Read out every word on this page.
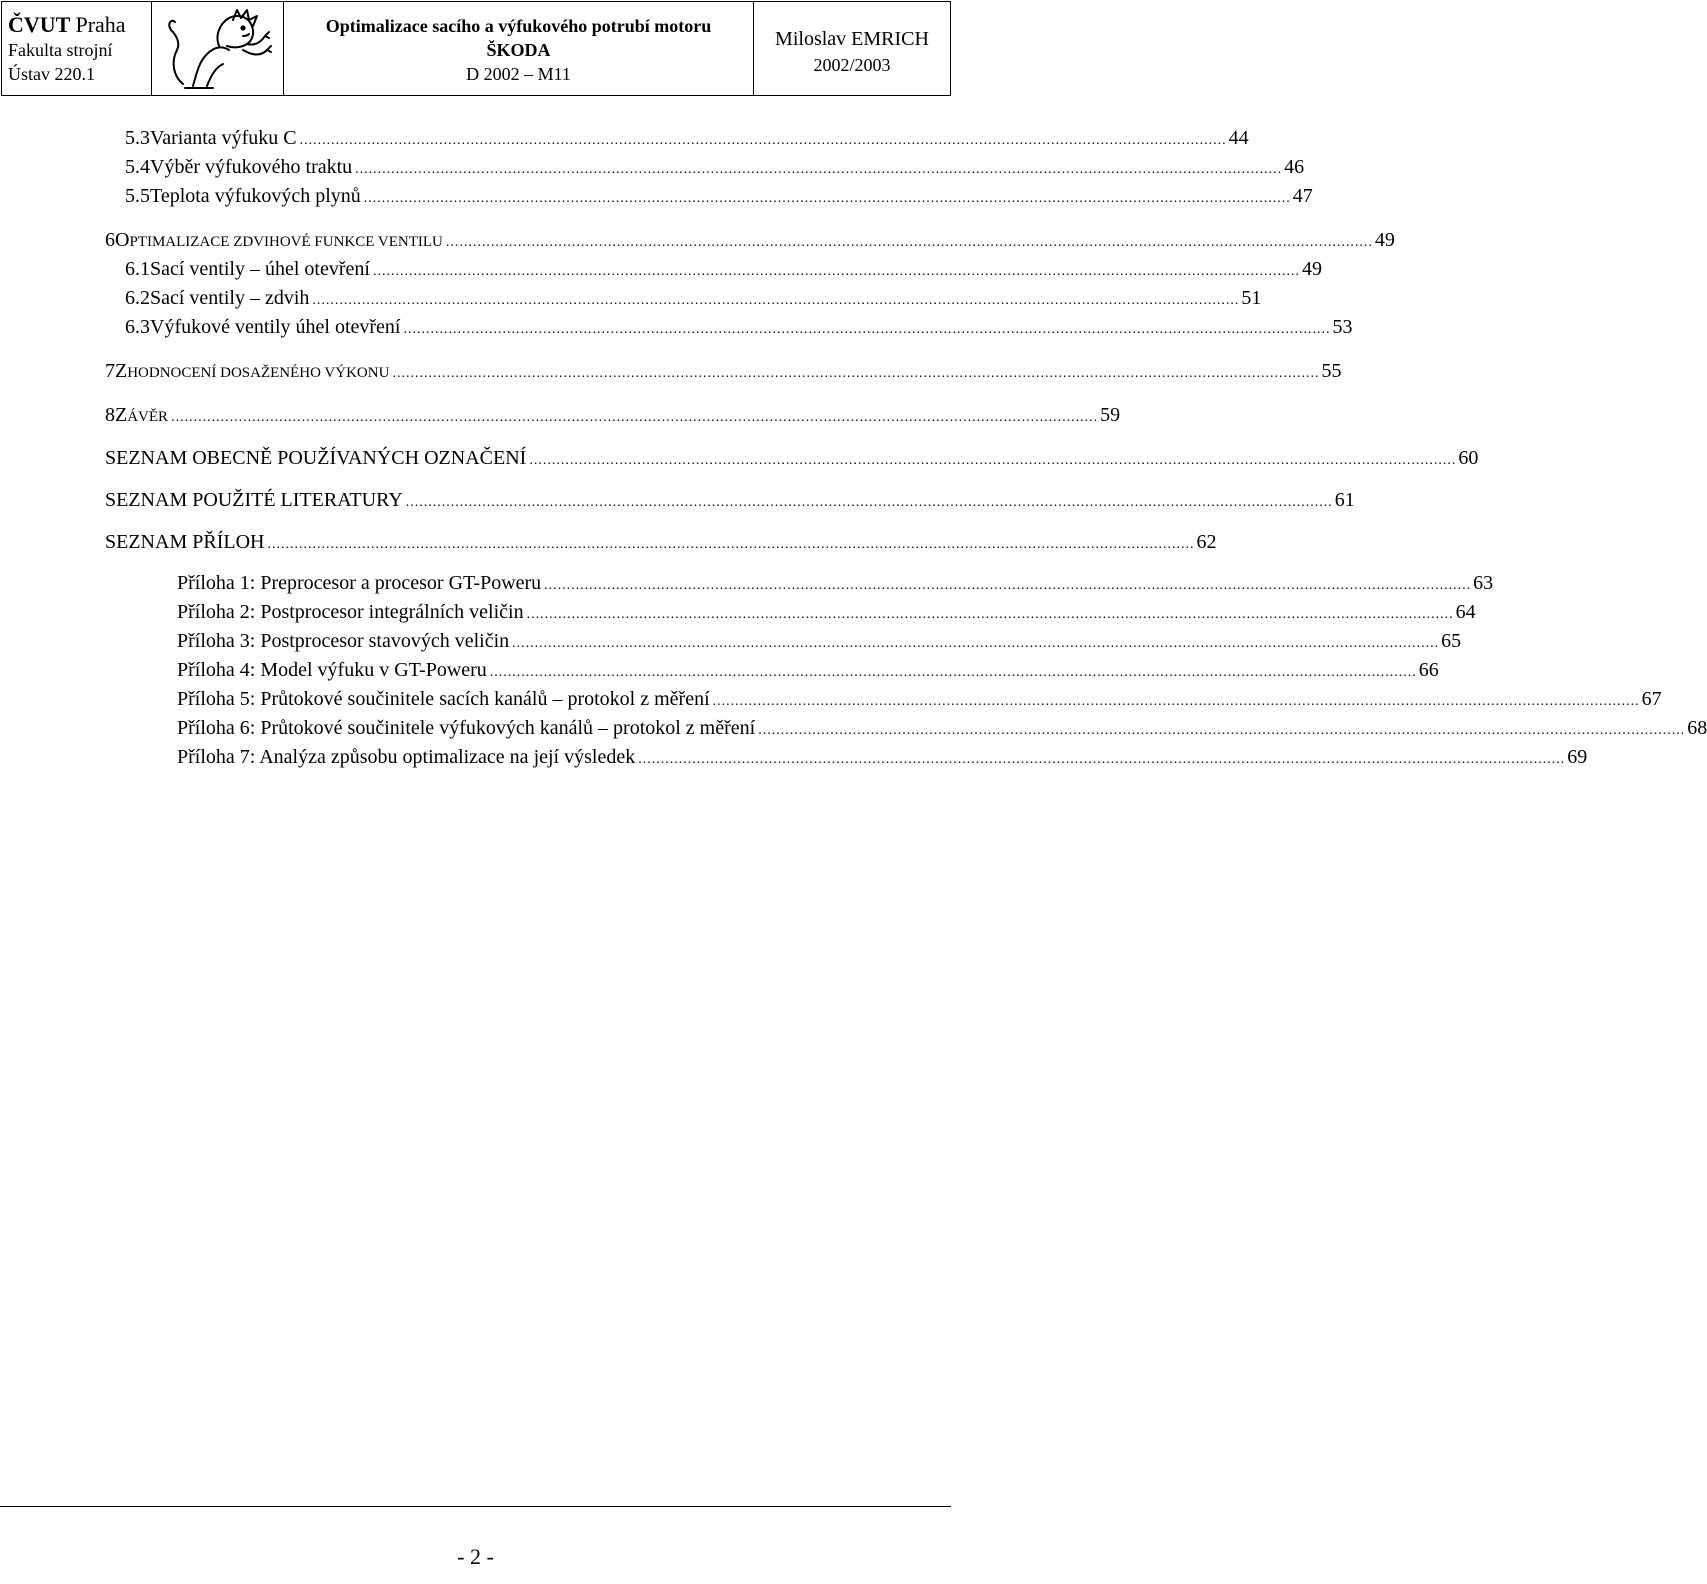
ČVUT Praha
Fakulta strojní
Ústav 220.1
Optimalizace sacího a výfukového potrubí motoru
ŠKODA
D 2002 – M11
Miloslav EMRICH
2002/2003
5.3 Varianta výfuku C .............................................................................................................................................................................................................. 44
5.4 Výběr výfukového traktu .............................................................................................................................................................................................................. 46
5.5 Teplota výfukových plynů .............................................................................................................................................................................................................. 47
6 OPTIMALIZACE ZDVIHOVÉ FUNKCE VENTILU .............................................................................................................................................................................................................. 49
6.1 Sací ventily – úhel otevření .............................................................................................................................................................................................................. 49
6.2 Sací ventily – zdvih .............................................................................................................................................................................................................. 51
6.3 Výfukové ventily úhel otevření .............................................................................................................................................................................................................. 53
7 ZHODNOCENÍ DOSAŽENÉHO VÝKONU .............................................................................................................................................................................................................. 55
8 ZÁVĚR .............................................................................................................................................................................................................. 59
SEZNAM OBECNĚ POUŽÍVANÝCH OZNAČENÍ .............................................................................................................................................................................................................. 60
SEZNAM POUŽITÉ LITERATURY .............................................................................................................................................................................................................. 61
SEZNAM PŘÍLOH .............................................................................................................................................................................................................. 62
Příloha 1: Preprocesor a procesor GT-Poweru .............................................................................................................................................................................................................. 63
Příloha 2: Postprocesor integrálních veličin .............................................................................................................................................................................................................. 64
Příloha 3: Postprocesor stavových veličin .............................................................................................................................................................................................................. 65
Příloha 4: Model výfuku v GT-Poweru .............................................................................................................................................................................................................. 66
Příloha 5: Průtokové součinitele sacích kanálů – protokol z měření .............................................................................................................................................................................................................. 67
Příloha 6: Průtokové součinitele výfukových kanálů – protokol z měření .............................................................................................................................................................................................................. 68
Příloha 7: Analýza způsobu optimalizace na její výsledek .............................................................................................................................................................................................................. 69
- 2 -
